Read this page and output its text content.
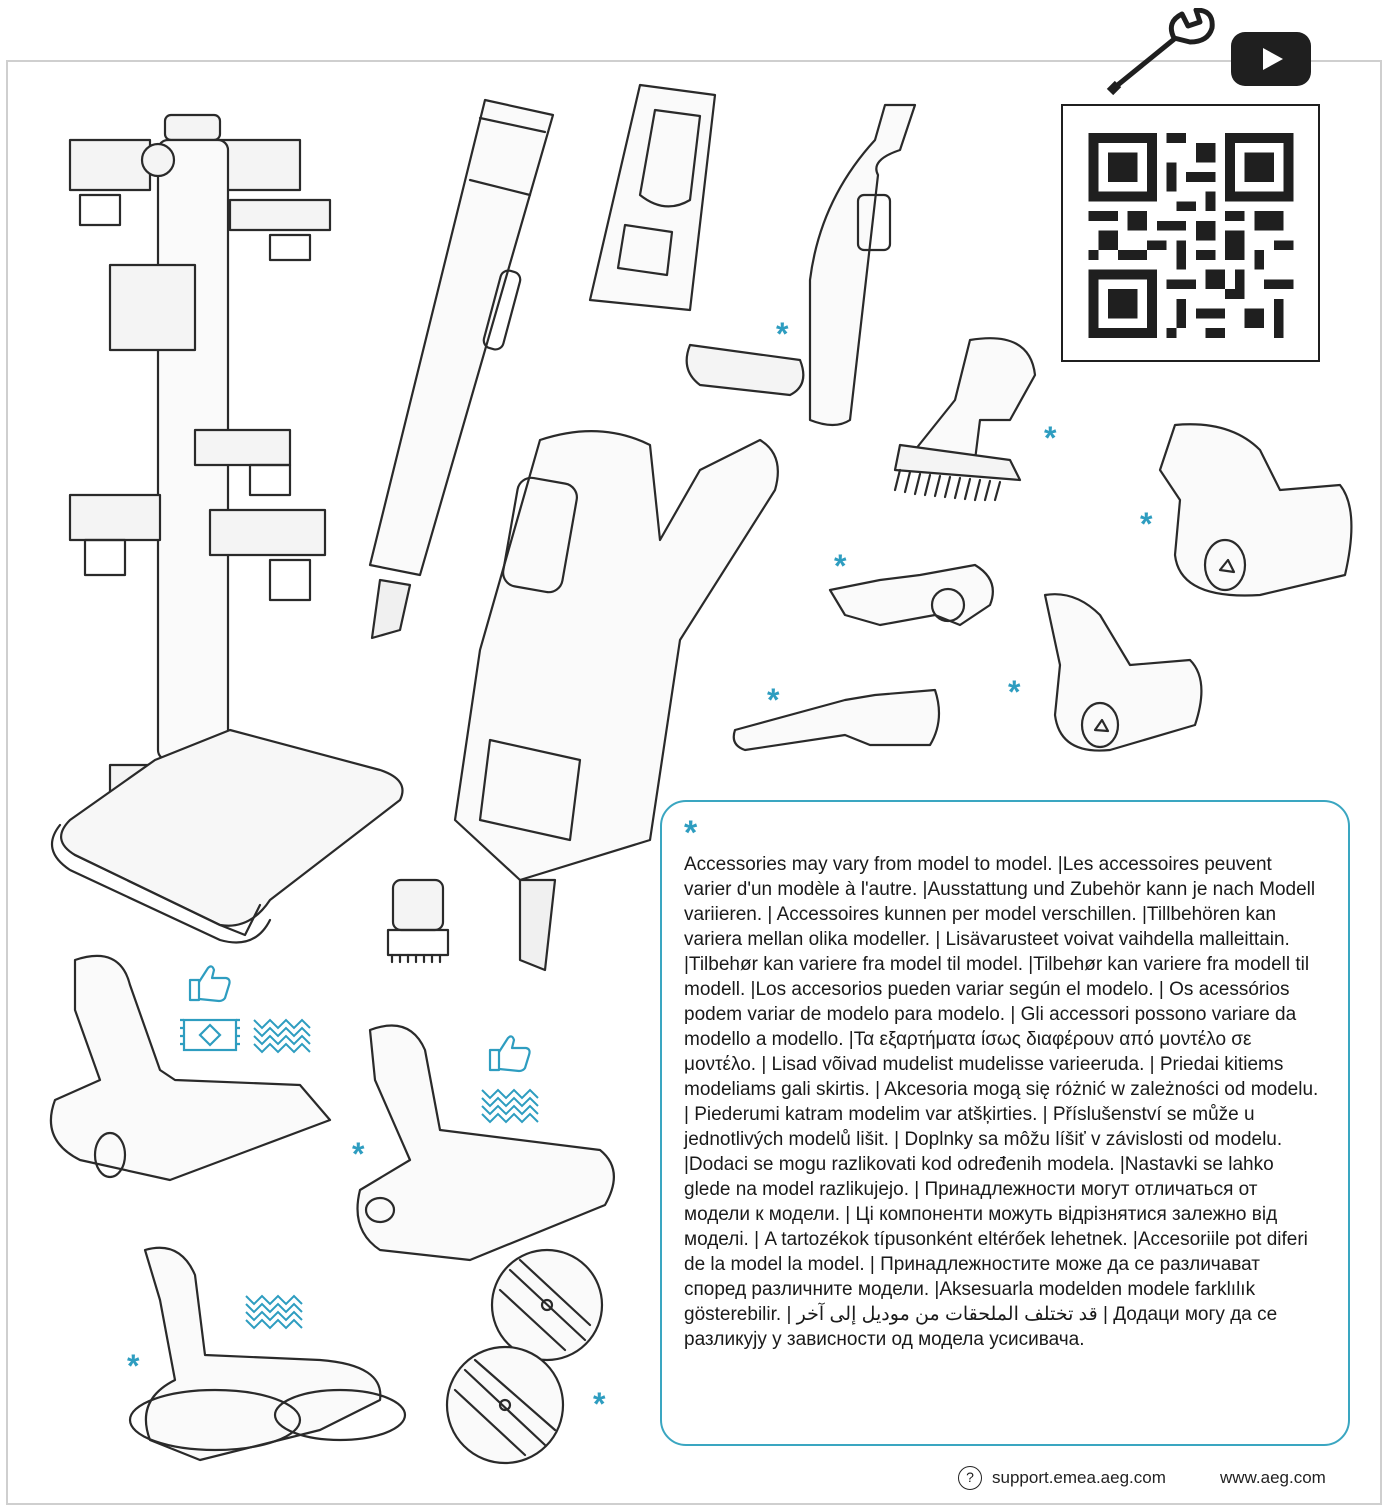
*
*
*
*
*	*
*
*
*
*

Accessories may vary from model to model. |Les accessoires peuvent varier d'un modèle à l'autre. |Ausstattung und Zubehör kann je nach Modell variieren. | Accessoires kunnen per model verschillen. |Tillbehören kan variera mellan olika modeller. | Lisävarusteet voivat vaihdella malleittain. |Tilbehør kan variere fra model til model. |Tilbehør kan variere fra modell til modell. |Los accesorios pueden variar según el modelo. | Os acessórios podem variar de modelo para modelo. | Gli accessori possono variare da modello a modello. |Τα εξαρτήματα ίσως διαφέρουν από μοντέλο σε μοντέλο. | Lisad võivad mudelist mudelisse varieeruda. | Priedai kitiems modeliams gali skirtis. | Akcesoria mogą się różnić w zależności od modelu. | Piederumi katram modelim var atšķirties. | Příslušenství se může u jednotlivých modelů lišit. | Doplnky sa môžu líšiť v závislosti od modelu. |Dodaci se mogu razlikovati kod određenih modela. |Nastavki se lahko glede na model razlikujejo. | Принадлежности могут отличаться от модели к модели. | Ці компоненти можуть відрізнятися залежно від моделі. | A tartozékok típusonként eltérőek lehetnek. |Accesoriile pot diferi de la model la model. | Принадлежностите може да се различават според различните модели. |Aksesuarla modelden modele farklılık gösterebilir. | قد تختلف الملحقات من موديل إلى آخر | Додаци могу да се разликују у зависности од модела усисивача.

?	support.emea.aeg.com	www.aeg.com
